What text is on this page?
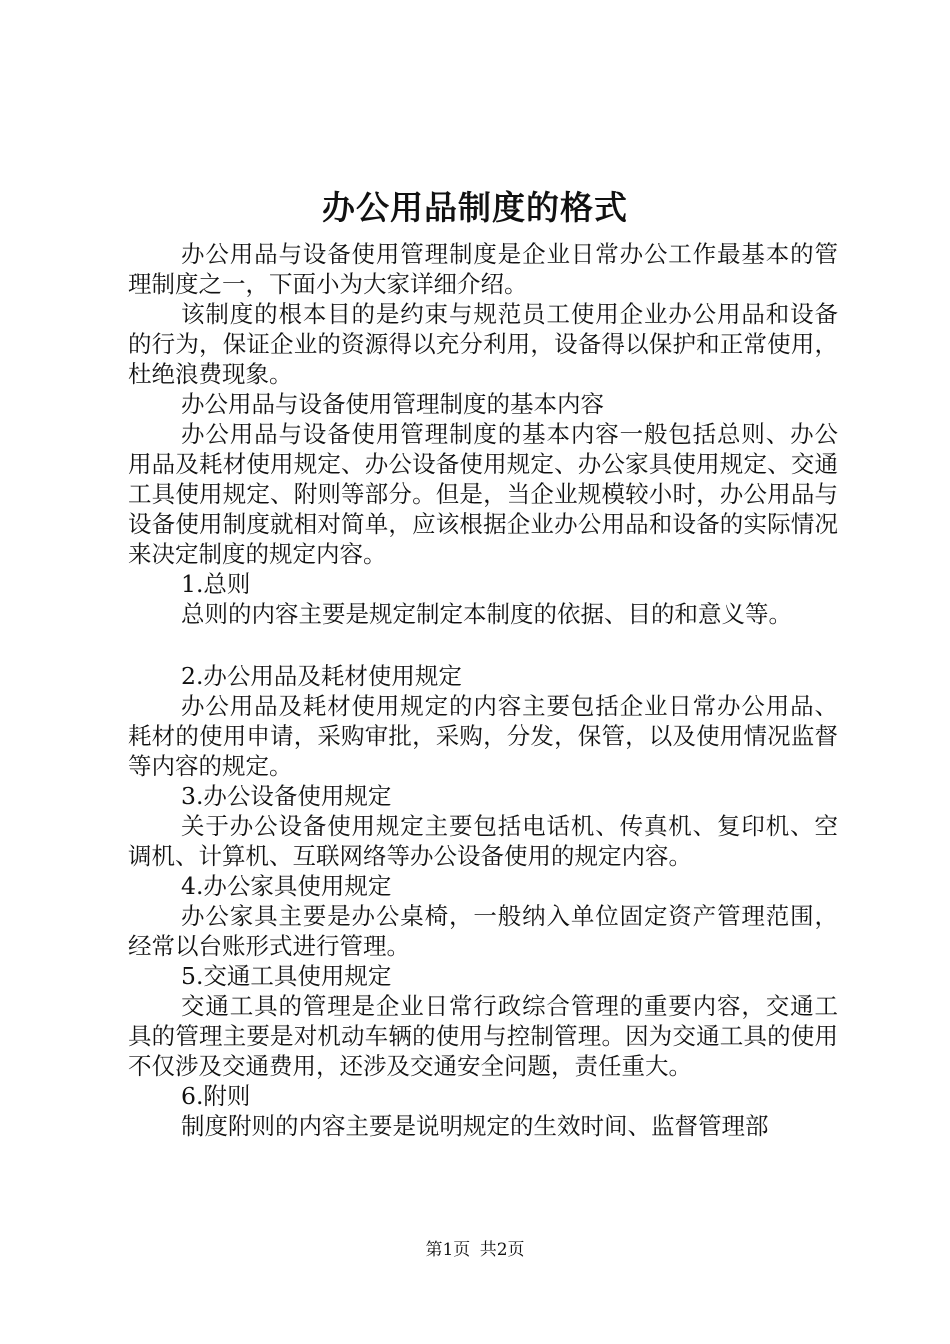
办公用品制度的格式

办公用品与设备使用管理制度是企业日常办公工作最基本的管理制度之一，下面小为大家详细介绍。

该制度的根本目的是约束与规范员工使用企业办公用品和设备的行为，保证企业的资源得以充分利用，设备得以保护和正常使用，杜绝浪费现象。

办公用品与设备使用管理制度的基本内容

办公用品与设备使用管理制度的基本内容一般包括总则、办公用品及耗材使用规定、办公设备使用规定、办公家具使用规定、交通工具使用规定、附则等部分。但是，当企业规模较小时，办公用品与设备使用制度就相对简单，应该根据企业办公用品和设备的实际情况来决定制度的规定内容。

1.总则

总则的内容主要是规定制定本制度的依据、目的和意义等。

2.办公用品及耗材使用规定

办公用品及耗材使用规定的内容主要包括企业日常办公用品、耗材的使用申请，采购审批，采购，分发，保管，以及使用情况监督等内容的规定。

3.办公设备使用规定

关于办公设备使用规定主要包括电话机、传真机、复印机、空调机、计算机、互联网络等办公设备使用的规定内容。

4.办公家具使用规定

办公家具主要是办公桌椅，一般纳入单位固定资产管理范围，经常以台账形式进行管理。

5.交通工具使用规定

交通工具的管理是企业日常行政综合管理的重要内容，交通工具的管理主要是对机动车辆的使用与控制管理。因为交通工具的使用不仅涉及交通费用，还涉及交通安全问题，责任重大。

6.附则

制度附则的内容主要是说明规定的生效时间、监督管理部

第1页 共2页
